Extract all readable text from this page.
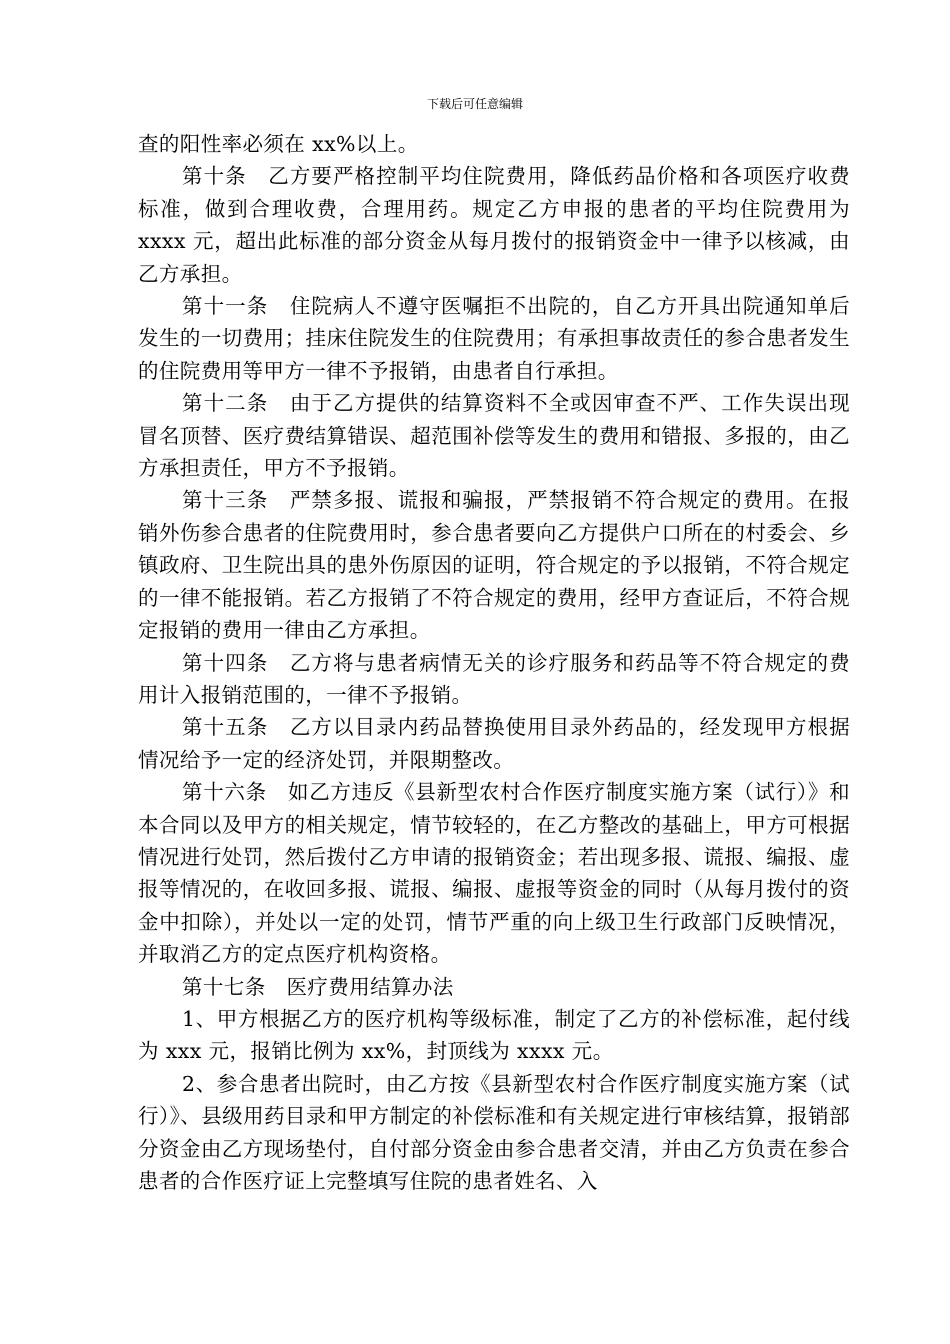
下载后可任意编辑

查的阳性率必须在 xx%以上。

第十条　乙方要严格控制平均住院费用，降低药品价格和各项医疗收费标准，做到合理收费，合理用药。规定乙方申报的患者的平均住院费用为 xxxx 元，超出此标准的部分资金从每月拨付的报销资金中一律予以核减，由乙方承担。

第十一条　住院病人不遵守医嘱拒不出院的，自乙方开具出院通知单后发生的一切费用；挂床住院发生的住院费用；有承担事故责任的参合患者发生的住院费用等甲方一律不予报销，由患者自行承担。

第十二条　由于乙方提供的结算资料不全或因审查不严、工作失误出现冒名顶替、医疗费结算错误、超范围补偿等发生的费用和错报、多报的，由乙方承担责任，甲方不予报销。

第十三条　严禁多报、谎报和骗报，严禁报销不符合规定的费用。在报销外伤参合患者的住院费用时，参合患者要向乙方提供户口所在的村委会、乡镇政府、卫生院出具的患外伤原因的证明，符合规定的予以报销，不符合规定的一律不能报销。若乙方报销了不符合规定的费用，经甲方查证后，不符合规定报销的费用一律由乙方承担。

第十四条　乙方将与患者病情无关的诊疗服务和药品等不符合规定的费用计入报销范围的，一律不予报销。

第十五条　乙方以目录内药品替换使用目录外药品的，经发现甲方根据情况给予一定的经济处罚，并限期整改。

第十六条　如乙方违反《县新型农村合作医疗制度实施方案（试行）》和本合同以及甲方的相关规定，情节较轻的，在乙方整改的基础上，甲方可根据情况进行处罚，然后拨付乙方申请的报销资金；若出现多报、谎报、编报、虚报等情况的，在收回多报、谎报、编报、虚报等资金的同时（从每月拨付的资金中扣除），并处以一定的处罚，情节严重的向上级卫生行政部门反映情况，并取消乙方的定点医疗机构资格。

第十七条　医疗费用结算办法

1、甲方根据乙方的医疗机构等级标准，制定了乙方的补偿标准，起付线为 xxx 元，报销比例为 xx%，封顶线为 xxxx 元。

2、参合患者出院时，由乙方按《县新型农村合作医疗制度实施方案（试行）》、县级用药目录和甲方制定的补偿标准和有关规定进行审核结算，报销部分资金由乙方现场垫付，自付部分资金由参合患者交清，并由乙方负责在参合患者的合作医疗证上完整填写住院的患者姓名、入
